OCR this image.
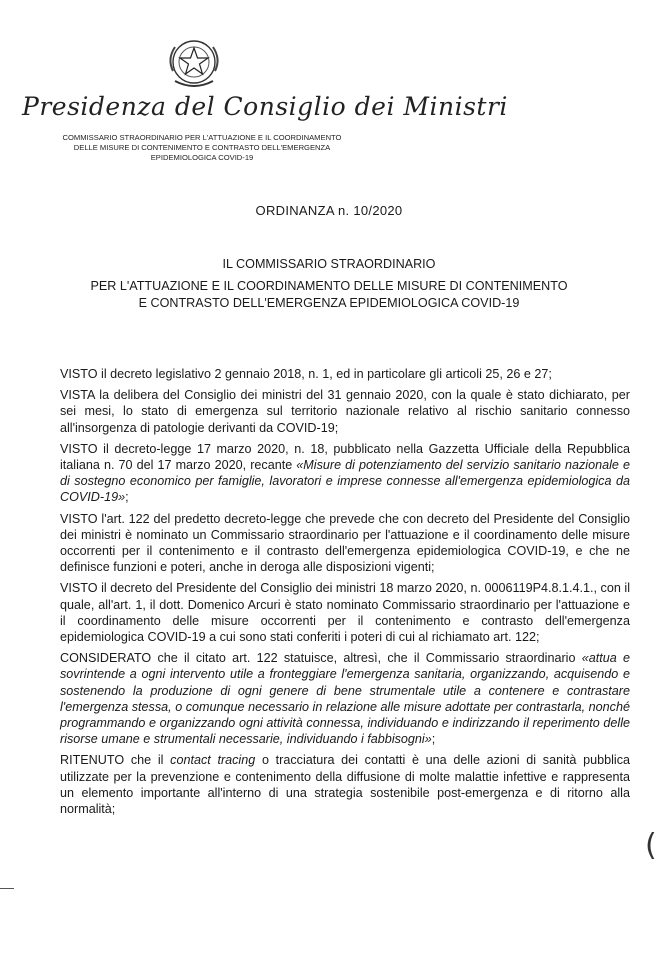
Presidenza del Consiglio dei Ministri
COMMISSARIO STRAORDINARIO PER L'ATTUAZIONE E IL COORDINAMENTO
DELLE MISURE DI CONTENIMENTO E CONTRASTO DELL'EMERGENZA
EPIDEMIOLOGICA COVID-19
ORDINANZA n. 10/2020
IL COMMISSARIO STRAORDINARIO
PER L'ATTUAZIONE E IL COORDINAMENTO DELLE MISURE DI CONTENIMENTO
E CONTRASTO DELL'EMERGENZA EPIDEMIOLOGICA COVID-19

VISTO il decreto legislativo 2 gennaio 2018, n. 1, ed in particolare gli articoli 25, 26 e 27;

VISTA la delibera del Consiglio dei ministri del 31 gennaio 2020, con la quale è stato dichiarato, per sei mesi, lo stato di emergenza sul territorio nazionale relativo al rischio sanitario connesso all'insorgenza di patologie derivanti da COVID-19;

VISTO il decreto-legge 17 marzo 2020, n. 18, pubblicato nella Gazzetta Ufficiale della Repubblica italiana n. 70 del 17 marzo 2020, recante «Misure di potenziamento del servizio sanitario nazionale e di sostegno economico per famiglie, lavoratori e imprese connesse all'emergenza epidemiologica da COVID-19»;

VISTO l'art. 122 del predetto decreto-legge che prevede che con decreto del Presidente del Consiglio dei ministri è nominato un Commissario straordinario per l'attuazione e il coordinamento delle misure occorrenti per il contenimento e il contrasto dell'emergenza epidemiologica COVID-19, e che ne definisce funzioni e poteri, anche in deroga alle disposizioni vigenti;

VISTO il decreto del Presidente del Consiglio dei ministri 18 marzo 2020, n. 0006119P4.8.1.4.1., con il quale, all'art. 1, il dott. Domenico Arcuri è stato nominato Commissario straordinario per l'attuazione e il coordinamento delle misure occorrenti per il contenimento e contrasto dell'emergenza epidemiologica COVID-19 a cui sono stati conferiti i poteri di cui al richiamato art. 122;

CONSIDERATO che il citato art. 122 statuisce, altresì, che il Commissario straordinario «attua e sovrintende a ogni intervento utile a fronteggiare l'emergenza sanitaria, organizzando, acquisendo e sostenendo la produzione di ogni genere di bene strumentale utile a contenere e contrastare l'emergenza stessa, o comunque necessario in relazione alle misure adottate per contrastarla, nonché programmando e organizzando ogni attività connessa, individuando e indirizzando il reperimento delle risorse umane e strumentali necessarie, individuando i fabbisogni»;

RITENUTO che il contact tracing o tracciatura dei contatti è una delle azioni di sanità pubblica utilizzate per la prevenzione e contenimento della diffusione di molte malattie infettive e rappresenta un elemento importante all'interno di una strategia sostenibile post-emergenza e di ritorno alla normalità;

(
